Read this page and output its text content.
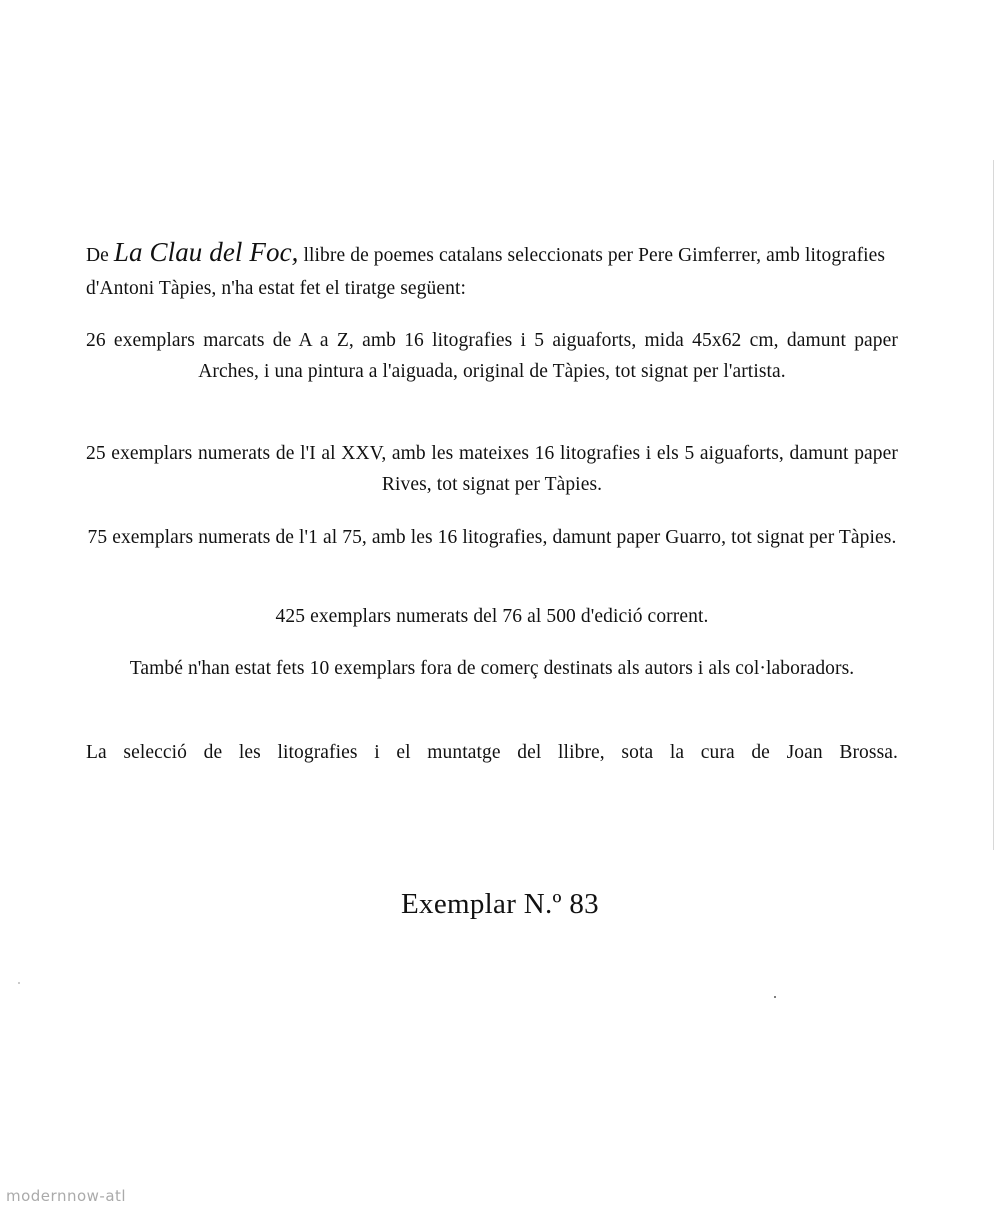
De La Clau del Foc, llibre de poemes catalans seleccionats per Pere Gimferrer, amb litografies d'Antoni Tàpies, n'ha estat fet el tiratge següent:

26 exemplars marcats de A a Z, amb 16 litografies i 5 aiguaforts, mida 45x62 cm, damunt paper Arches, i una pintura a l'aiguada, original de Tàpies, tot signat per l'artista.

25 exemplars numerats de l'I al XXV, amb les mateixes 16 litografies i els 5 aiguaforts, damunt paper Rives, tot signat per Tàpies.

75 exemplars numerats de l'1 al 75, amb les 16 litografies, damunt paper Guarro, tot signat per Tàpies.

425 exemplars numerats del 76 al 500 d'edició corrent.

També n'han estat fets 10 exemplars fora de comerç destinats als autors i als col·laboradors.

La selecció de les litografies i el muntatge del llibre, sota la cura de Joan Brossa.

Exemplar N.º 83
modernnow-atl
